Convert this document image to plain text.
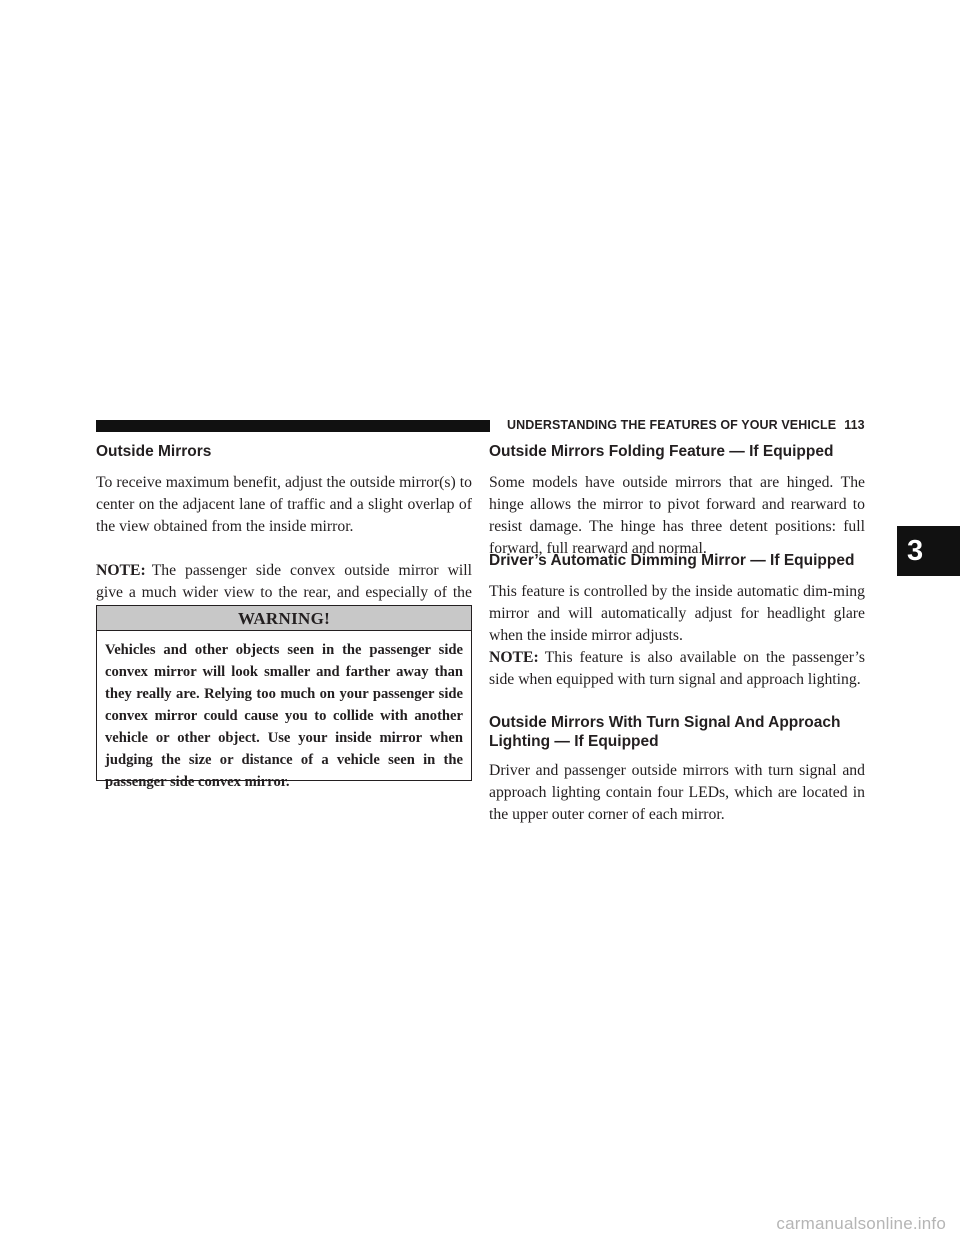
UNDERSTANDING THE FEATURES OF YOUR VEHICLE 113
Outside Mirrors

To receive maximum benefit, adjust the outside mirror(s) to center on the adjacent lane of traffic and a slight overlap of the view obtained from the inside mirror.

NOTE: The passenger side convex outside mirror will give a much wider view to the rear, and especially of the

WARNING!
Vehicles and other objects seen in the passenger side convex mirror will look smaller and farther away than they really are. Relying too much on your passenger side convex mirror could cause you to collide with another vehicle or other object. Use your inside mirror when judging the size or distance of a vehicle seen in the passenger side convex mirror.
Outside Mirrors Folding Feature — If Equipped

Some models have outside mirrors that are hinged. The hinge allows the mirror to pivot forward and rearward to resist damage. The hinge has three detent positions: full forward, full rearward and normal.

Driver’s Automatic Dimming Mirror — If Equipped

This feature is controlled by the inside automatic dim-ming mirror and will automatically adjust for headlight glare when the inside mirror adjusts.

NOTE: This feature is also available on the passenger’s side when equipped with turn signal and approach lighting.

Outside Mirrors With Turn Signal And Approach Lighting — If Equipped

Driver and passenger outside mirrors with turn signal and approach lighting contain four LEDs, which are located in the upper outer corner of each mirror.

3
carmanualsonline.info
